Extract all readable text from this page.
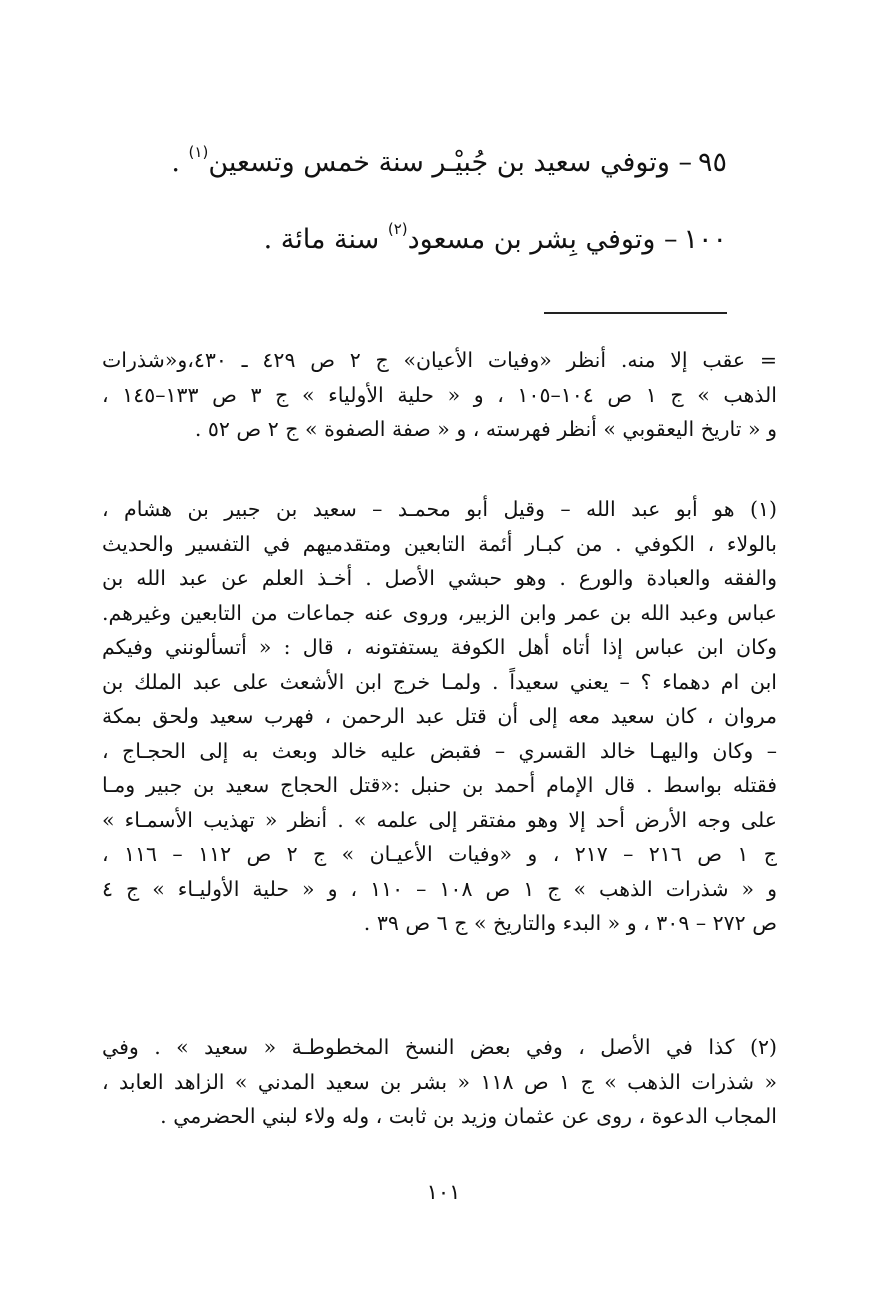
٩٥– وتوفي سعيد بن جُبيْـر سنة خمس وتسعين$^{(١)}$ .
١٠٠– وتوفي بِشر بن مسعود$^{(٢)}$ سنة مائة .
= عقب إلا منه. أنظر «وفيات الأعيان» ج ٢ ص ٤٢٩ ـ ٤٣٠،و«شذرات
الذهب » ج ١ ص ١٠٤–١٠٥ ، و « حلية الأولياء » ج ٣ ص ١٣٣–١٤٥ ،
و « تاريخ اليعقوبي » أنظر فهرسته ، و « صفة الصفوة » ج ٢ ص ٥٢ .
(١) هو أبو عبد الله – وقيل أبو محمـد – سعيد بن جبير بن هشام ،
بالولاء ، الكوفي . من كبـار أئمة التابعين ومتقدميهم في التفسير والحديث
والفقه والعبادة والورع . وهو حبشي الأصل . أخـذ العلم عن عبد الله بن
عباس وعبد الله بن عمر وابن الزبير، وروى عنه جماعات من التابعين وغيرهم.
وكان ابن عباس إذا أتاه أهل الكوفة يستفتونه ، قال : « أتسألونني وفيكم
ابن ام دهماء ؟ – يعني سعيداً . ولمـا خرج ابن الأشعث على عبد الملك بن
مروان ، كان سعيد معه إلى أن قتل عبد الرحمن ، فهرب سعيد ولحق بمكة
– وكان واليهـا خالد القسري – فقبض عليه خالد وبعث به إلى الحجـاج ،
فقتله بواسط . قال الإمام أحمد بن حنبل :«قتل الحجاج سعيد بن جبير ومـا
على وجه الأرض أحد إلا وهو مفتقر إلى علمه » . أنظر « تهذيب الأسمـاء »
ج ١ ص ٢١٦ – ٢١٧ ، و «وفيات الأعيـان » ج ٢ ص ١١٢ – ١١٦ ،
و « شذرات الذهب » ج ١ ص ١٠٨ – ١١٠ ، و « حلية الأوليـاء » ج ٤
ص ٢٧٢ – ٣٠٩ ، و « البدء والتاريخ » ج ٦ ص ٣٩ .
(٢) كذا في الأصل ، وفي بعض النسخ المخطوطـة « سعيد » . وفي
« شذرات الذهب » ج ١ ص ١١٨ « بشر بن سعيد المدني » الزاهد العابد ،
المجاب الدعوة ، روى عن عثمان وزيد بن ثابت ، وله ولاء لبني الحضرمي .
١٠١
